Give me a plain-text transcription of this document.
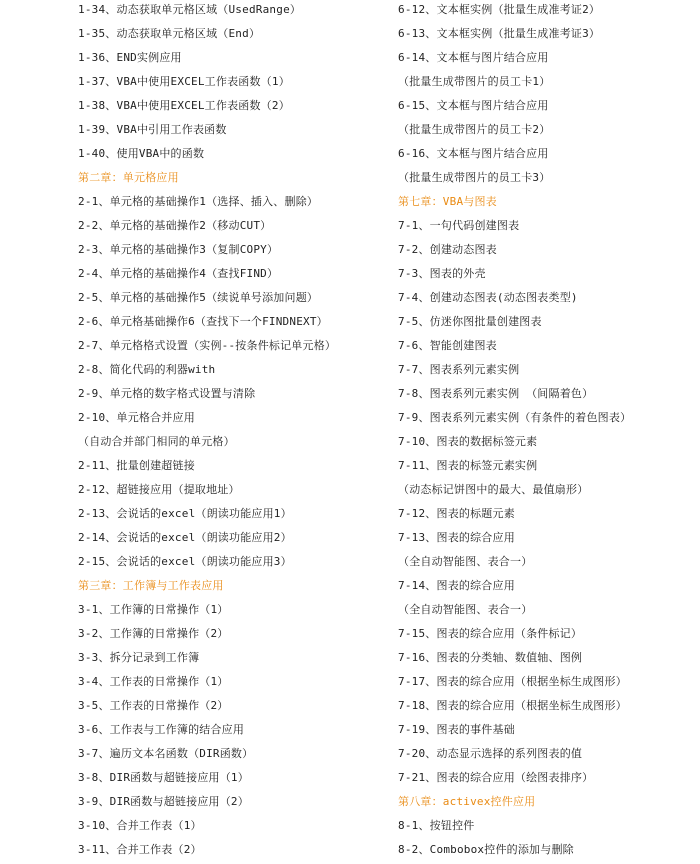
1-34、动态获取单元格区域（UsedRange）
1-35、动态获取单元格区域（End）
1-36、END实例应用
1-37、VBA中使用EXCEL工作表函数（1）
1-38、VBA中使用EXCEL工作表函数（2）
1-39、VBA中引用工作表函数
1-40、使用VBA中的函数
第二章：单元格应用
2-1、单元格的基础操作1（选择、插入、删除）
2-2、单元格的基础操作2（移动CUT）
2-3、单元格的基础操作3（复制COPY）
2-4、单元格的基础操作4（查找FIND）
2-5、单元格的基础操作5（续说单号添加问题）
2-6、单元格基础操作6（查找下一个FINDNEXT）
2-7、单元格格式设置（实例--按条件标记单元格）
2-8、简化代码的利器with
2-9、单元格的数字格式设置与清除
2-10、单元格合并应用
（自动合并部门相同的单元格）
2-11、批量创建超链接
2-12、超链接应用（提取地址）
2-13、会说话的excel（朗读功能应用1）
2-14、会说话的excel（朗读功能应用2）
2-15、会说话的excel（朗读功能应用3）
第三章：工作簿与工作表应用
3-1、工作簿的日常操作（1）
3-2、工作簿的日常操作（2）
3-3、拆分记录到工作簿
3-4、工作表的日常操作（1）
3-5、工作表的日常操作（2）
3-6、工作表与工作簿的结合应用
3-7、遍历文本名函数（DIR函数）
3-8、DIR函数与超链接应用（1）
3-9、DIR函数与超链接应用（2）
3-10、合并工作表（1）
3-11、合并工作表（2）
6-12、文本框实例（批量生成准考证2）
6-13、文本框实例（批量生成准考证3）
6-14、文本框与图片结合应用
（批量生成带图片的员工卡1）
6-15、文本框与图片结合应用
（批量生成带图片的员工卡2）
6-16、文本框与图片结合应用
（批量生成带图片的员工卡3）
第七章：VBA与图表
7-1、一句代码创建图表
7-2、创建动态图表
7-3、图表的外壳
7-4、创建动态图表(动态图表类型)
7-5、仿迷你图批量创建图表
7-6、智能创建图表
7-7、图表系列元素实例
7-8、图表系列元素实例 （间隔着色）
7-9、图表系列元素实例（有条件的着色图表）
7-10、图表的数据标签元素
7-11、图表的标签元素实例
（动态标记饼图中的最大、最值扇形）
7-12、图表的标题元素
7-13、图表的综合应用
（全自动智能图、表合一）
7-14、图表的综合应用
（全自动智能图、表合一）
7-15、图表的综合应用（条件标记）
7-16、图表的分类轴、数值轴、图例
7-17、图表的综合应用（根据坐标生成图形）
7-18、图表的综合应用（根据坐标生成图形）
7-19、图表的事件基础
7-20、动态显示选择的系列图表的值
7-21、图表的综合应用（绘图表排序）
第八章：activex控件应用
8-1、按钮控件
8-2、Combobox控件的添加与删除
